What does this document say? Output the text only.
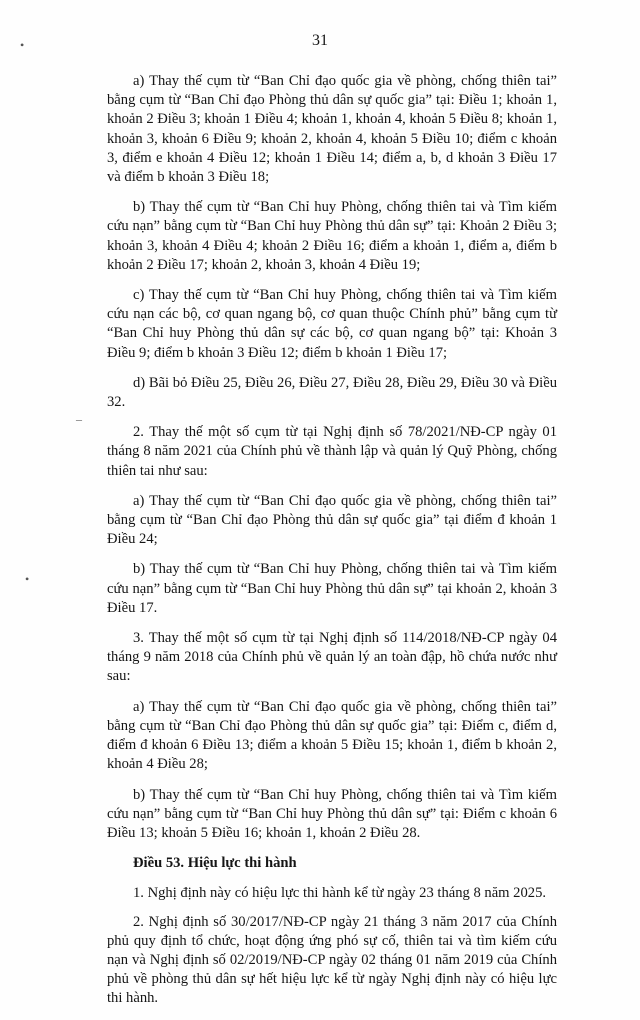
31
•
–
•

a) Thay thế cụm từ “Ban Chỉ đạo quốc gia về phòng, chống thiên tai” bằng cụm từ “Ban Chỉ đạo Phòng thủ dân sự quốc gia” tại: Điều 1; khoản 1, khoản 2 Điều 3; khoản 1 Điều 4; khoản 1, khoản 4, khoản 5 Điều 8; khoản 1, khoản 3, khoản 6 Điều 9; khoản 2, khoản 4, khoản 5 Điều 10; điểm c khoản 3, điểm e khoản 4 Điều 12; khoản 1 Điều 14; điểm a, b, d khoản 3 Điều 17 và điểm b khoản 3 Điều 18;

b) Thay thế cụm từ “Ban Chỉ huy Phòng, chống thiên tai và Tìm kiếm cứu nạn” bằng cụm từ “Ban Chỉ huy Phòng thủ dân sự” tại: Khoản 2 Điều 3; khoản 3, khoản 4 Điều 4; khoản 2 Điều 16; điểm a khoản 1, điểm a, điểm b khoản 2 Điều 17; khoản 2, khoản 3, khoản 4 Điều 19;

c) Thay thế cụm từ “Ban Chỉ huy Phòng, chống thiên tai và Tìm kiếm cứu nạn các bộ, cơ quan ngang bộ, cơ quan thuộc Chính phủ” bằng cụm từ “Ban Chỉ huy Phòng thủ dân sự các bộ, cơ quan ngang bộ” tại: Khoản 3 Điều 9; điểm b khoản 3 Điều 12; điểm b khoản 1 Điều 17;

d) Bãi bỏ Điều 25, Điều 26, Điều 27, Điều 28, Điều 29, Điều 30 và Điều 32.

2. Thay thế một số cụm từ tại Nghị định số 78/2021/NĐ-CP ngày 01 tháng 8 năm 2021 của Chính phủ về thành lập và quản lý Quỹ Phòng, chống thiên tai như sau:

a) Thay thế cụm từ “Ban Chỉ đạo quốc gia về phòng, chống thiên tai” bằng cụm từ “Ban Chỉ đạo Phòng thủ dân sự quốc gia” tại điểm đ khoản 1 Điều 24;

b) Thay thế cụm từ “Ban Chỉ huy Phòng, chống thiên tai và Tìm kiếm cứu nạn” bằng cụm từ “Ban Chỉ huy Phòng thủ dân sự” tại khoản 2, khoản 3 Điều 17.

3. Thay thế một số cụm từ tại Nghị định số 114/2018/NĐ-CP ngày 04 tháng 9 năm 2018 của Chính phủ về quản lý an toàn đập, hồ chứa nước như sau:

a) Thay thế cụm từ “Ban Chỉ đạo quốc gia về phòng, chống thiên tai” bằng cụm từ “Ban Chỉ đạo Phòng thủ dân sự quốc gia” tại: Điểm c, điểm d, điểm đ khoản 6 Điều 13; điểm a khoản 5 Điều 15; khoản 1, điểm b khoản 2, khoản 4 Điều 28;

b) Thay thế cụm từ “Ban Chỉ huy Phòng, chống thiên tai và Tìm kiếm cứu nạn” bằng cụm từ “Ban Chỉ huy Phòng thủ dân sự” tại: Điểm c khoản 6 Điều 13; khoản 5 Điều 16; khoản 1, khoản 2 Điều 28.

Điều 53. Hiệu lực thi hành

1. Nghị định này có hiệu lực thi hành kể từ ngày 23 tháng 8 năm 2025.

2. Nghị định số 30/2017/NĐ-CP ngày 21 tháng 3 năm 2017 của Chính phủ quy định tổ chức, hoạt động ứng phó sự cố, thiên tai và tìm kiếm cứu nạn và Nghị định số 02/2019/NĐ-CP ngày 02 tháng 01 năm 2019 của Chính phủ về phòng thủ dân sự hết hiệu lực kể từ ngày Nghị định này có hiệu lực thi hành.
